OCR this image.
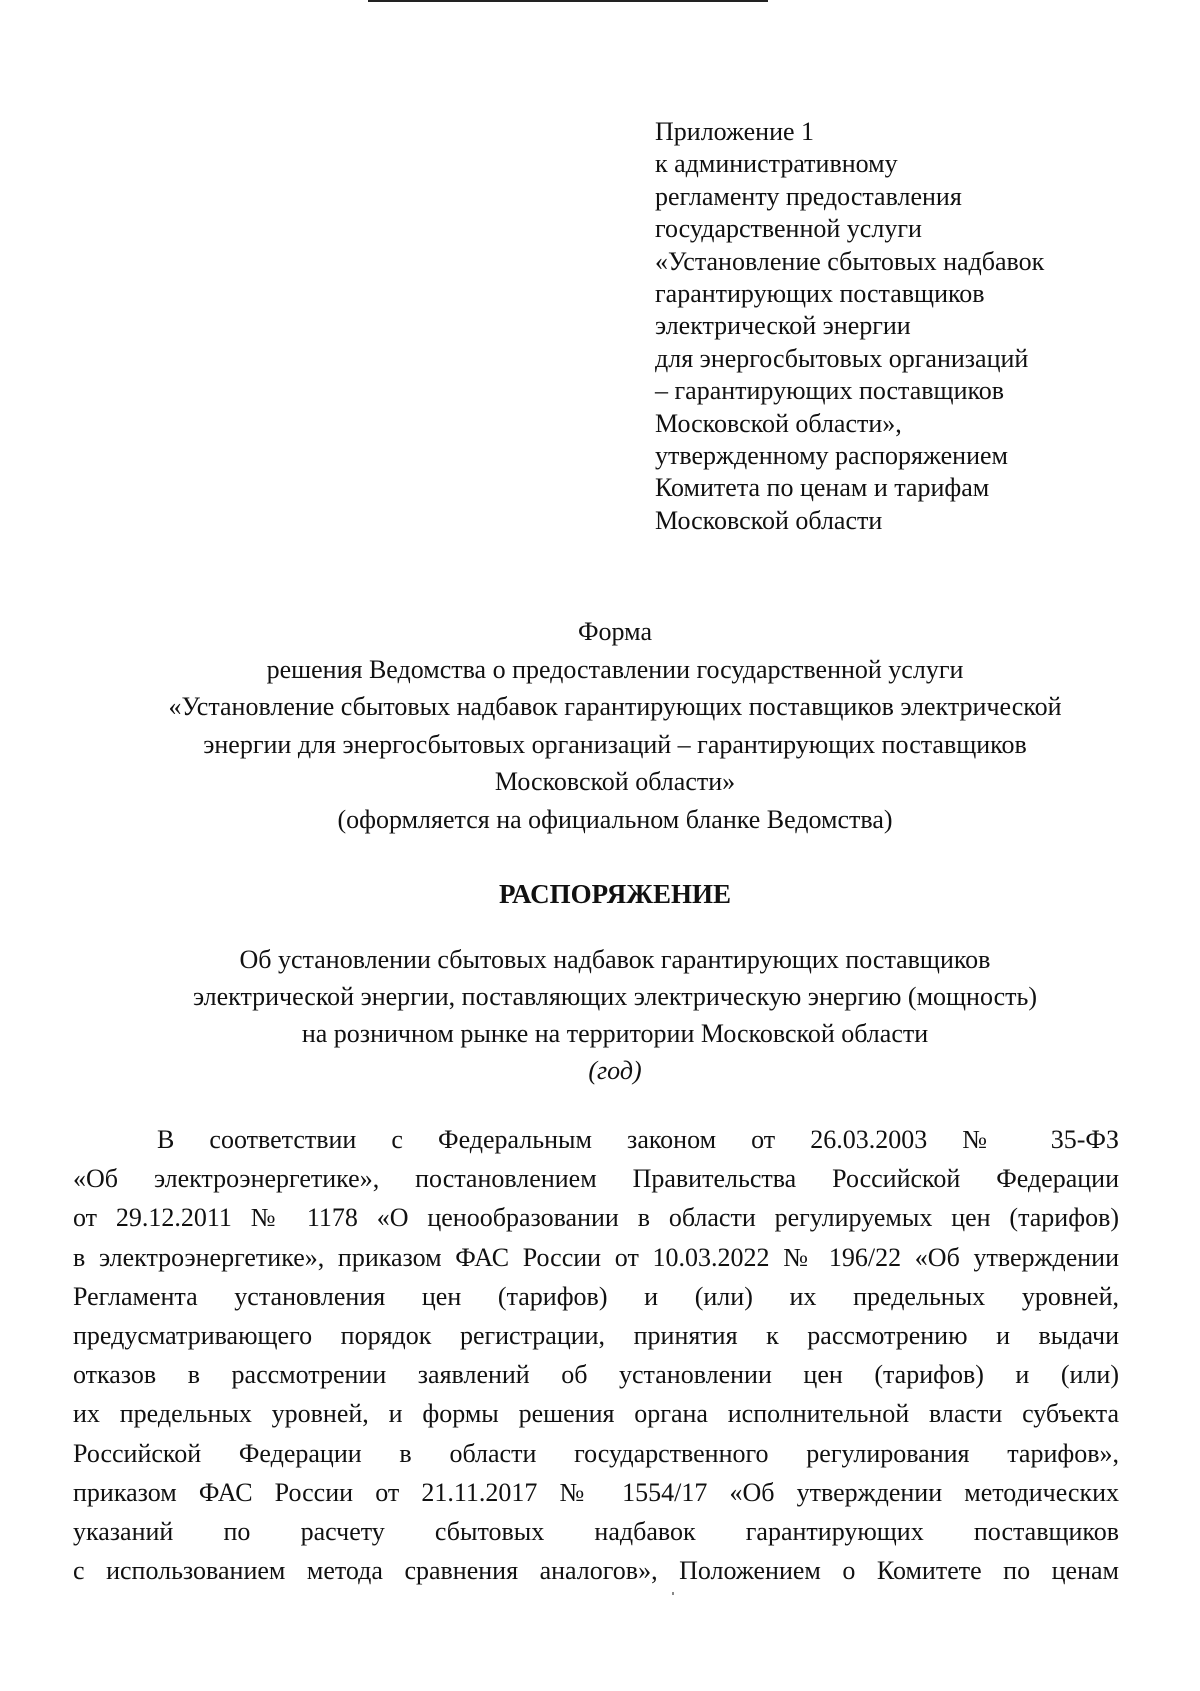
Приложение 1
к административному
регламенту предоставления
государственной услуги
«Установление сбытовых надбавок
гарантирующих поставщиков
электрической энергии
для энергосбытовых организаций
– гарантирующих поставщиков
Московской области»,
утвержденному распоряжением
Комитета по ценам и тарифам
Московской области
Форма
решения Ведомства о предоставлении государственной услуги
«Установление сбытовых надбавок гарантирующих поставщиков электрической
энергии для энергосбытовых организаций – гарантирующих поставщиков
Московской области»
(оформляется на официальном бланке Ведомства)
РАСПОРЯЖЕНИЕ
Об установлении сбытовых надбавок гарантирующих поставщиков
электрической энергии, поставляющих электрическую энергию (мощность)
на розничном рынке на территории Московской области
(год)
В соответствии с Федеральным законом от 26.03.2003 № 35-ФЗ
«Об электроэнергетике», постановлением Правительства Российской Федерации
от 29.12.2011 № 1178 «О ценообразовании в области регулируемых цен (тарифов)
в электроэнергетике», приказом ФАС России от 10.03.2022 № 196/22 «Об утверждении
Регламента установления цен (тарифов) и (или) их предельных уровней,
предусматривающего порядок регистрации, принятия к рассмотрению и выдачи
отказов в рассмотрении заявлений об установлении цен (тарифов) и (или)
их предельных уровней, и формы решения органа исполнительной власти субъекта
Российской Федерации в области государственного регулирования тарифов»,
приказом ФАС России от 21.11.2017 № 1554/17 «Об утверждении методических
указаний по расчету сбытовых надбавок гарантирующих поставщиков
с использованием метода сравнения аналогов», Положением о Комитете по ценам
